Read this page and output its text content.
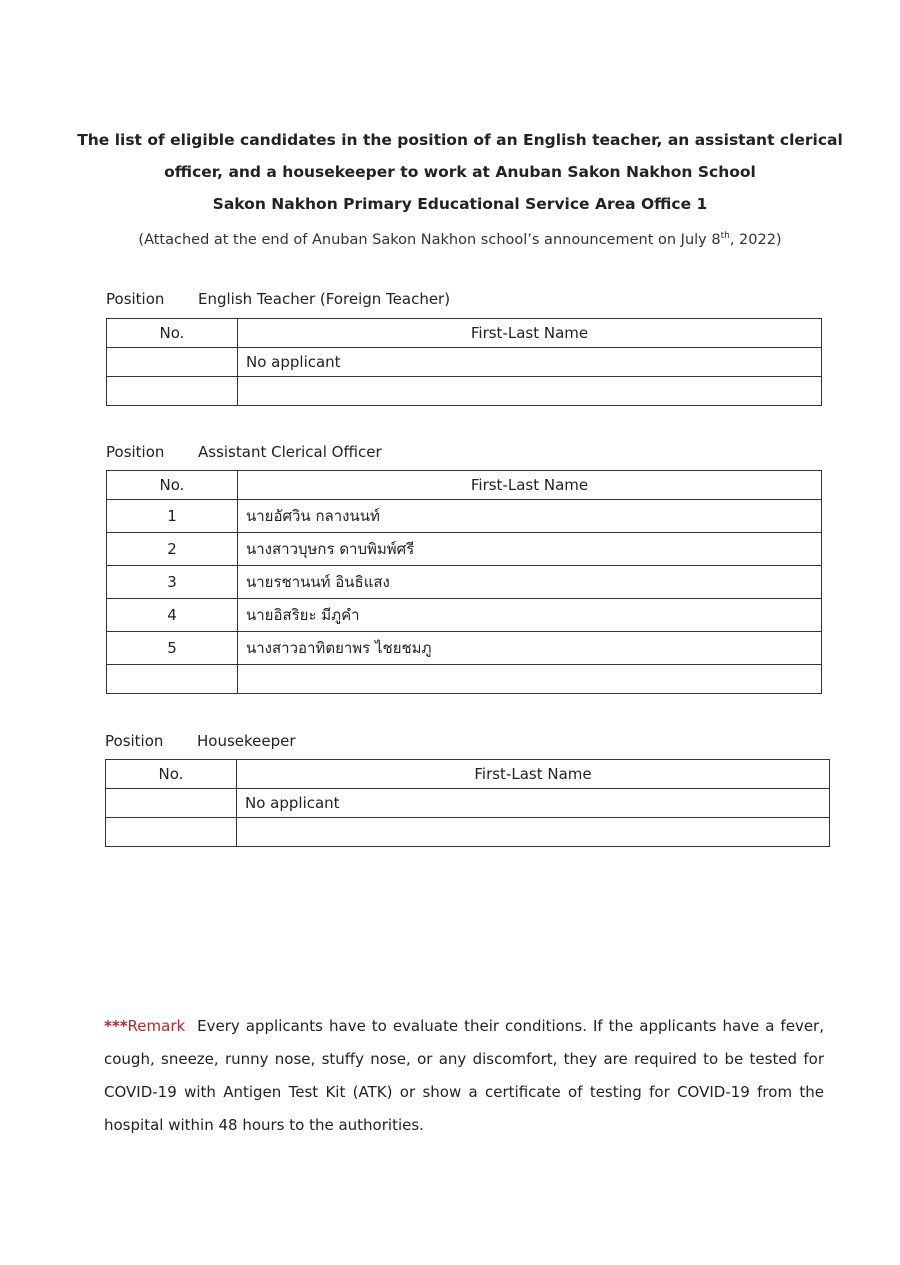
The list of eligible candidates in the position of an English teacher, an assistant clerical

officer, and a housekeeper to work at Anuban Sakon Nakhon School

Sakon Nakhon Primary Educational Service Area Office 1

(Attached at the end of Anuban Sakon Nakhon school’s announcement on July 8th, 2022)

Position English Teacher (Foreign Teacher)
No.	First-Last Name
	No applicant

Position Assistant Clerical Officer
No.	First-Last Name
1	นายอัศวิน กลางนนท์
2	นางสาวบุษกร ดาบพิมพ์ศรี
3	นายรชานนท์ อินธิแสง
4	นายอิสริยะ มีภูคำ
5	นางสาวอาทิตยาพร ไชยชมภู

Position Housekeeper
No.	First-Last Name
	No applicant

***Remark Every applicants have to evaluate their conditions. If the applicants have a fever, cough, sneeze, runny nose, stuffy nose, or any discomfort, they are required to be tested for COVID-19 with Antigen Test Kit (ATK) or show a certificate of testing for COVID-19 from the hospital within 48 hours to the authorities.
